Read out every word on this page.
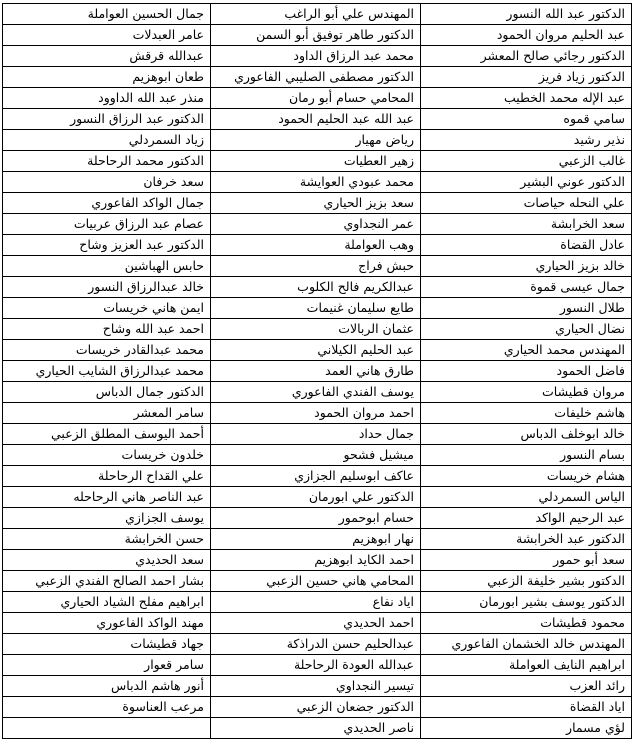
الدكتور عبد الله النسور	المهندس علي أبو الراغب	جمال الحسين العواملة
عبد الحليم مروان الحمود	الدكتور طاهر توفيق أبو السمن	عامر العبدلات
الدكتور رجائي صالح المعشر	محمد عبد الرزاق الداود	عبدالله قرقش
الدكتور زياد فريز	الدكتور مصطفى الصليبي الفاعوري	طعان ابوهزيم
عبد الإله محمد الخطيب	المحامي حسام أبو رمان	منذر عبد الله الداوود
سامي قموه	عبد الله عبد الحليم الحمود	الدكتور عبد الرزاق النسور
نذير رشيد	رياض مهيار	زياد السمردلي
غالب الزعبي	زهير العطيات	الدكتور محمد الرحاحلة
الدكتور عوني البشير	محمد عبودي العوايشة	سعد خرفان
علي النحله حياصات	سعد بزيز الحياري	جمال الواكد الفاعوري
سعد الخرابشة	عمر النجداوي	عصام عبد الرزاق عربيات
عادل القضاة	وهب العواملة	الدكتور عبد العزيز وشاح
خالد بزيز الحياري	حبش فراج	حابس الهباشين
جمال عيسى قموة	عبدالكريم فالح الكلوب	خالد عبدالرزاق النسور
طلال النسور	طايع سليمان غنيمات	ايمن هاني خريسات
نضال الحياري	عثمان الربالات	احمد عبد الله وشاح
المهندس محمد الحياري	عبد الحليم الكيلاني	محمد عبدالقادر خريسات
فاضل الحمود	طارق هاني العمد	محمد عبدالرزاق الشايب الحياري
مروان قطيشات	يوسف الفندي الفاعوري	الدكتور جمال الدباس
هاشم خليفات	احمد مروان الحمود	سامر المعشر
خالد ابوخلف الدباس	جمال حداد	أحمد اليوسف المطلق الزعبي
بسام النسور	ميشيل فشحو	خلدون خريسات
هشام خريسات	عاكف ابوسليم الجزازي	علي القداح الرحاحلة
الياس السمردلي	الدكتور علي ابورمان	عبد الناصر هاني الرحاحله
عبد الرحيم الواكد	حسام ابوحمور	يوسف الجزازي
الدكتور عبد الخرابشة	نهار ابوهزيم	حسن الخرابشة
سعد أبو حمور	احمد الكايد ابوهزيم	سعد الحديدي
الدكتور بشير خليفة الزعبي	المحامي هاني حسين الزعبي	بشار احمد الصالح الفندي الزعبي
الدكتور يوسف بشير ابورمان	اياد نفاع	ابراهيم مفلح الشياد الحياري
محمود قطيشات	احمد الحديدي	مهند الواكد الفاعوري
المهندس خالد الخشمان الفاعوري	عبدالحليم حسن الدراذكة	جهاد قطيشات
ابراهيم النايف العواملة	عبدالله العودة الرحاحلة	سامر قعوار
رائد العزب	تيسير النجداوي	أنور هاشم الدباس
اياد القضاة	الدكتور جضعان الزعبي	مرعب العناسوة
لؤي مسمار	ناصر الحديدي	
